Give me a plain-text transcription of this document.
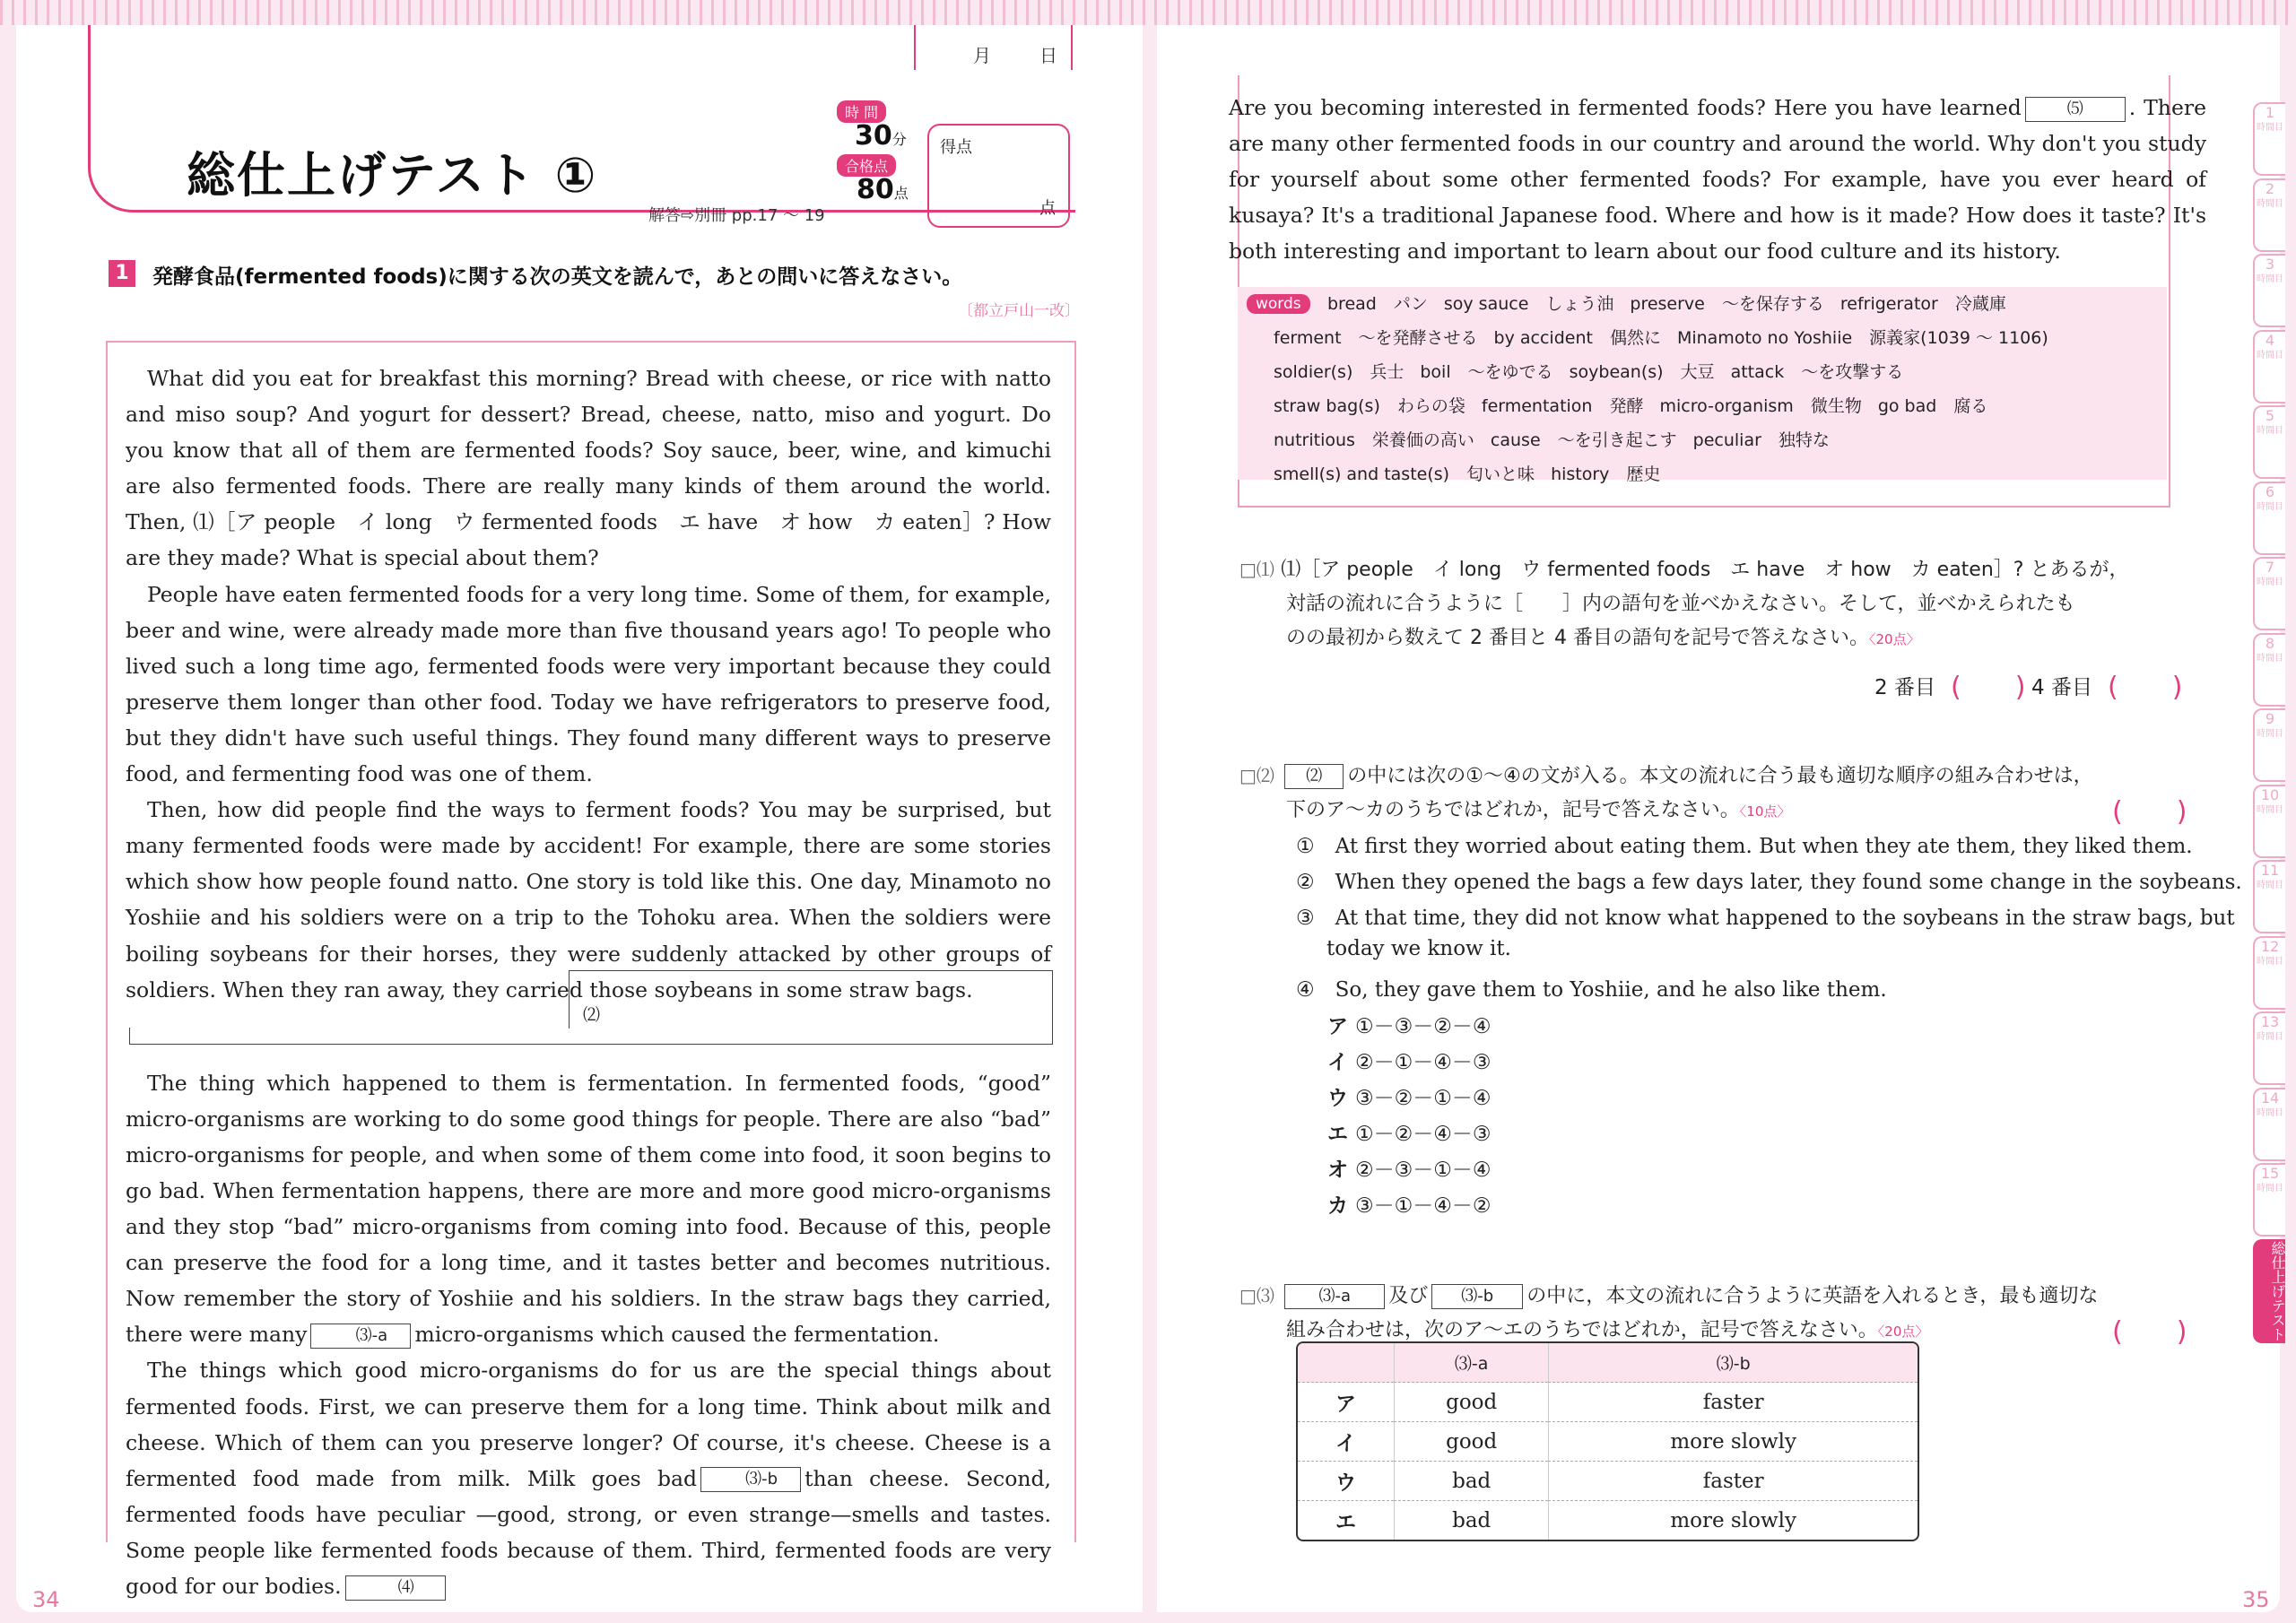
月	日
総仕上げテスト ①
時 間
30分
合格点
80点
解答⇨別冊 pp.17 ～ 19
得点
点
1	発酵食品(fermented foods)に関する次の英文を読んで，あとの問いに答えなさい。
〔都立戸山一改〕

What did you eat for breakfast this morning? Bread with cheese, or rice with natto and miso soup? And yogurt for dessert? Bread, cheese, natto, miso and yogurt. Do you know that all of them are fermented foods? Soy sauce, beer, wine, and kimuchi are also fermented foods. There are really many kinds of them around the world. Then, ⑴［ア people　イ long　ウ fermented foods　エ have　オ how　カ eaten］? How are they made? What is special about them?

People have eaten fermented foods for a very long time. Some of them, for example, beer and wine, were already made more than five thousand years ago! To people who lived such a long time ago, fermented foods were very important because they could preserve them longer than other food. Today we have refrigerators to preserve food, but they didn't have such useful things. They found many different ways to preserve food, and fermenting food was one of them.

Then, how did people find the ways to ferment foods? You may be surprised, but many fermented foods were made by accident! For example, there are some stories which show how people found natto. One story is told like this. One day, Minamoto no Yoshiie and his soldiers were on a trip to the Tohoku area. When the soldiers were boiling soybeans for their horses, they were suddenly attacked by other groups of soldiers. When they ran away, they carried those soybeans in some straw bags.

⑵

The thing which happened to them is fermentation. In fermented foods, “good” micro-organisms are working to do some good things for people. There are also “bad” micro-organisms for people, and when some of them come into food, it soon begins to go bad. When fermentation happens, there are more and more good micro-organisms and they stop “bad” micro-organisms from coming into food. Because of this, people can preserve the food for a long time, and it tastes better and becomes nutritious. Now remember the story of Yoshiie and his soldiers. In the straw bags they carried, there were many	⑶-a micro-organisms which caused the fermentation.

The things which good micro-organisms do for us are the special things about fermented foods. First, we can preserve them for a long time. Think about milk and cheese. Which of them can you preserve longer? Of course, it's cheese. Cheese is a fermented food made from milk. Milk goes bad	⑶-b than cheese. Second, fermented foods have peculiar —good, strong, or even strange—smells and tastes. Some people like fermented foods because of them. Third, fermented foods are very good for our bodies.	⑷

34
Are you becoming interested in fermented foods? Here you have learned	⑸ . There are many other fermented foods in our country and around the world. Why don't you study for yourself about some other fermented foods? For example, have you ever heard of kusaya? It's a traditional Japanese food. Where and how is it made? How does it taste? It's both interesting and important to learn about our food culture and its history.
words	bread　パン soy sauce　しょう油 preserve　～を保存する refrigerator　冷蔵庫
ferment　～を発酵させる by accident　偶然に Minamoto no Yoshiie　源義家(1039 ～ 1106)
soldier(s)　兵士 boil　～をゆでる soybean(s)　大豆 attack　～を攻撃する
straw bag(s)　わらの袋 fermentation　発酵 micro-organism　微生物 go bad　腐る
nutritious　栄養価の高い cause　～を引き起こす peculiar　独特な
smell(s) and taste(s)　匂いと味 history　歴史
□⑴ ⑴［ア people　イ long　ウ fermented foods　エ have　オ how　カ eaten］? とあるが，
対話の流れに合うように［　　］内の語句を並べかえなさい。そして，並べかえられたも
のの最初から数えて 2 番目と 4 番目の語句を記号で答えなさい。〈20点〉
2 番目 (　　) 4 番目 (　　)
□⑵ ⑵ の中には次の①～④の文が入る。本文の流れに合う最も適切な順序の組み合わせは，
下のア～カのうちではどれか，記号で答えなさい。〈10点〉	(　　)
①　At first they worried about eating them. But when they ate them, they liked them.
②　When they opened the bags a few days later, they found some change in the soybeans.
③　At that time, they did not know what happened to the soybeans in the straw bags, but
today we know it.
④　So, they gave them to Yoshiie, and he also like them.
ア ①－③－②－④
イ ②－①－④－③
ウ ③－②－①－④
エ ①－②－④－③
オ ②－③－①－④
カ ③－①－④－②
□⑶	⑶-a 及び ⑶-b の中に，本文の流れに合うように英語を入れるとき，最も適切な
組み合わせは，次のア～エのうちではどれか，記号で答えなさい。〈20点〉	(　　)
	⑶-a	⑶-b
ア	good	faster
イ	good	more slowly
ウ	bad	faster
エ	bad	more slowly
35
1
時間目
2
時間目
3
時間目
4
時間目
5
時間目
6
時間目
7
時間目
8
時間目
9
時間目
10
時間目
11
時間目
12
時間目
13
時間目
14
時間目
15
時間目
総仕上げテスト
